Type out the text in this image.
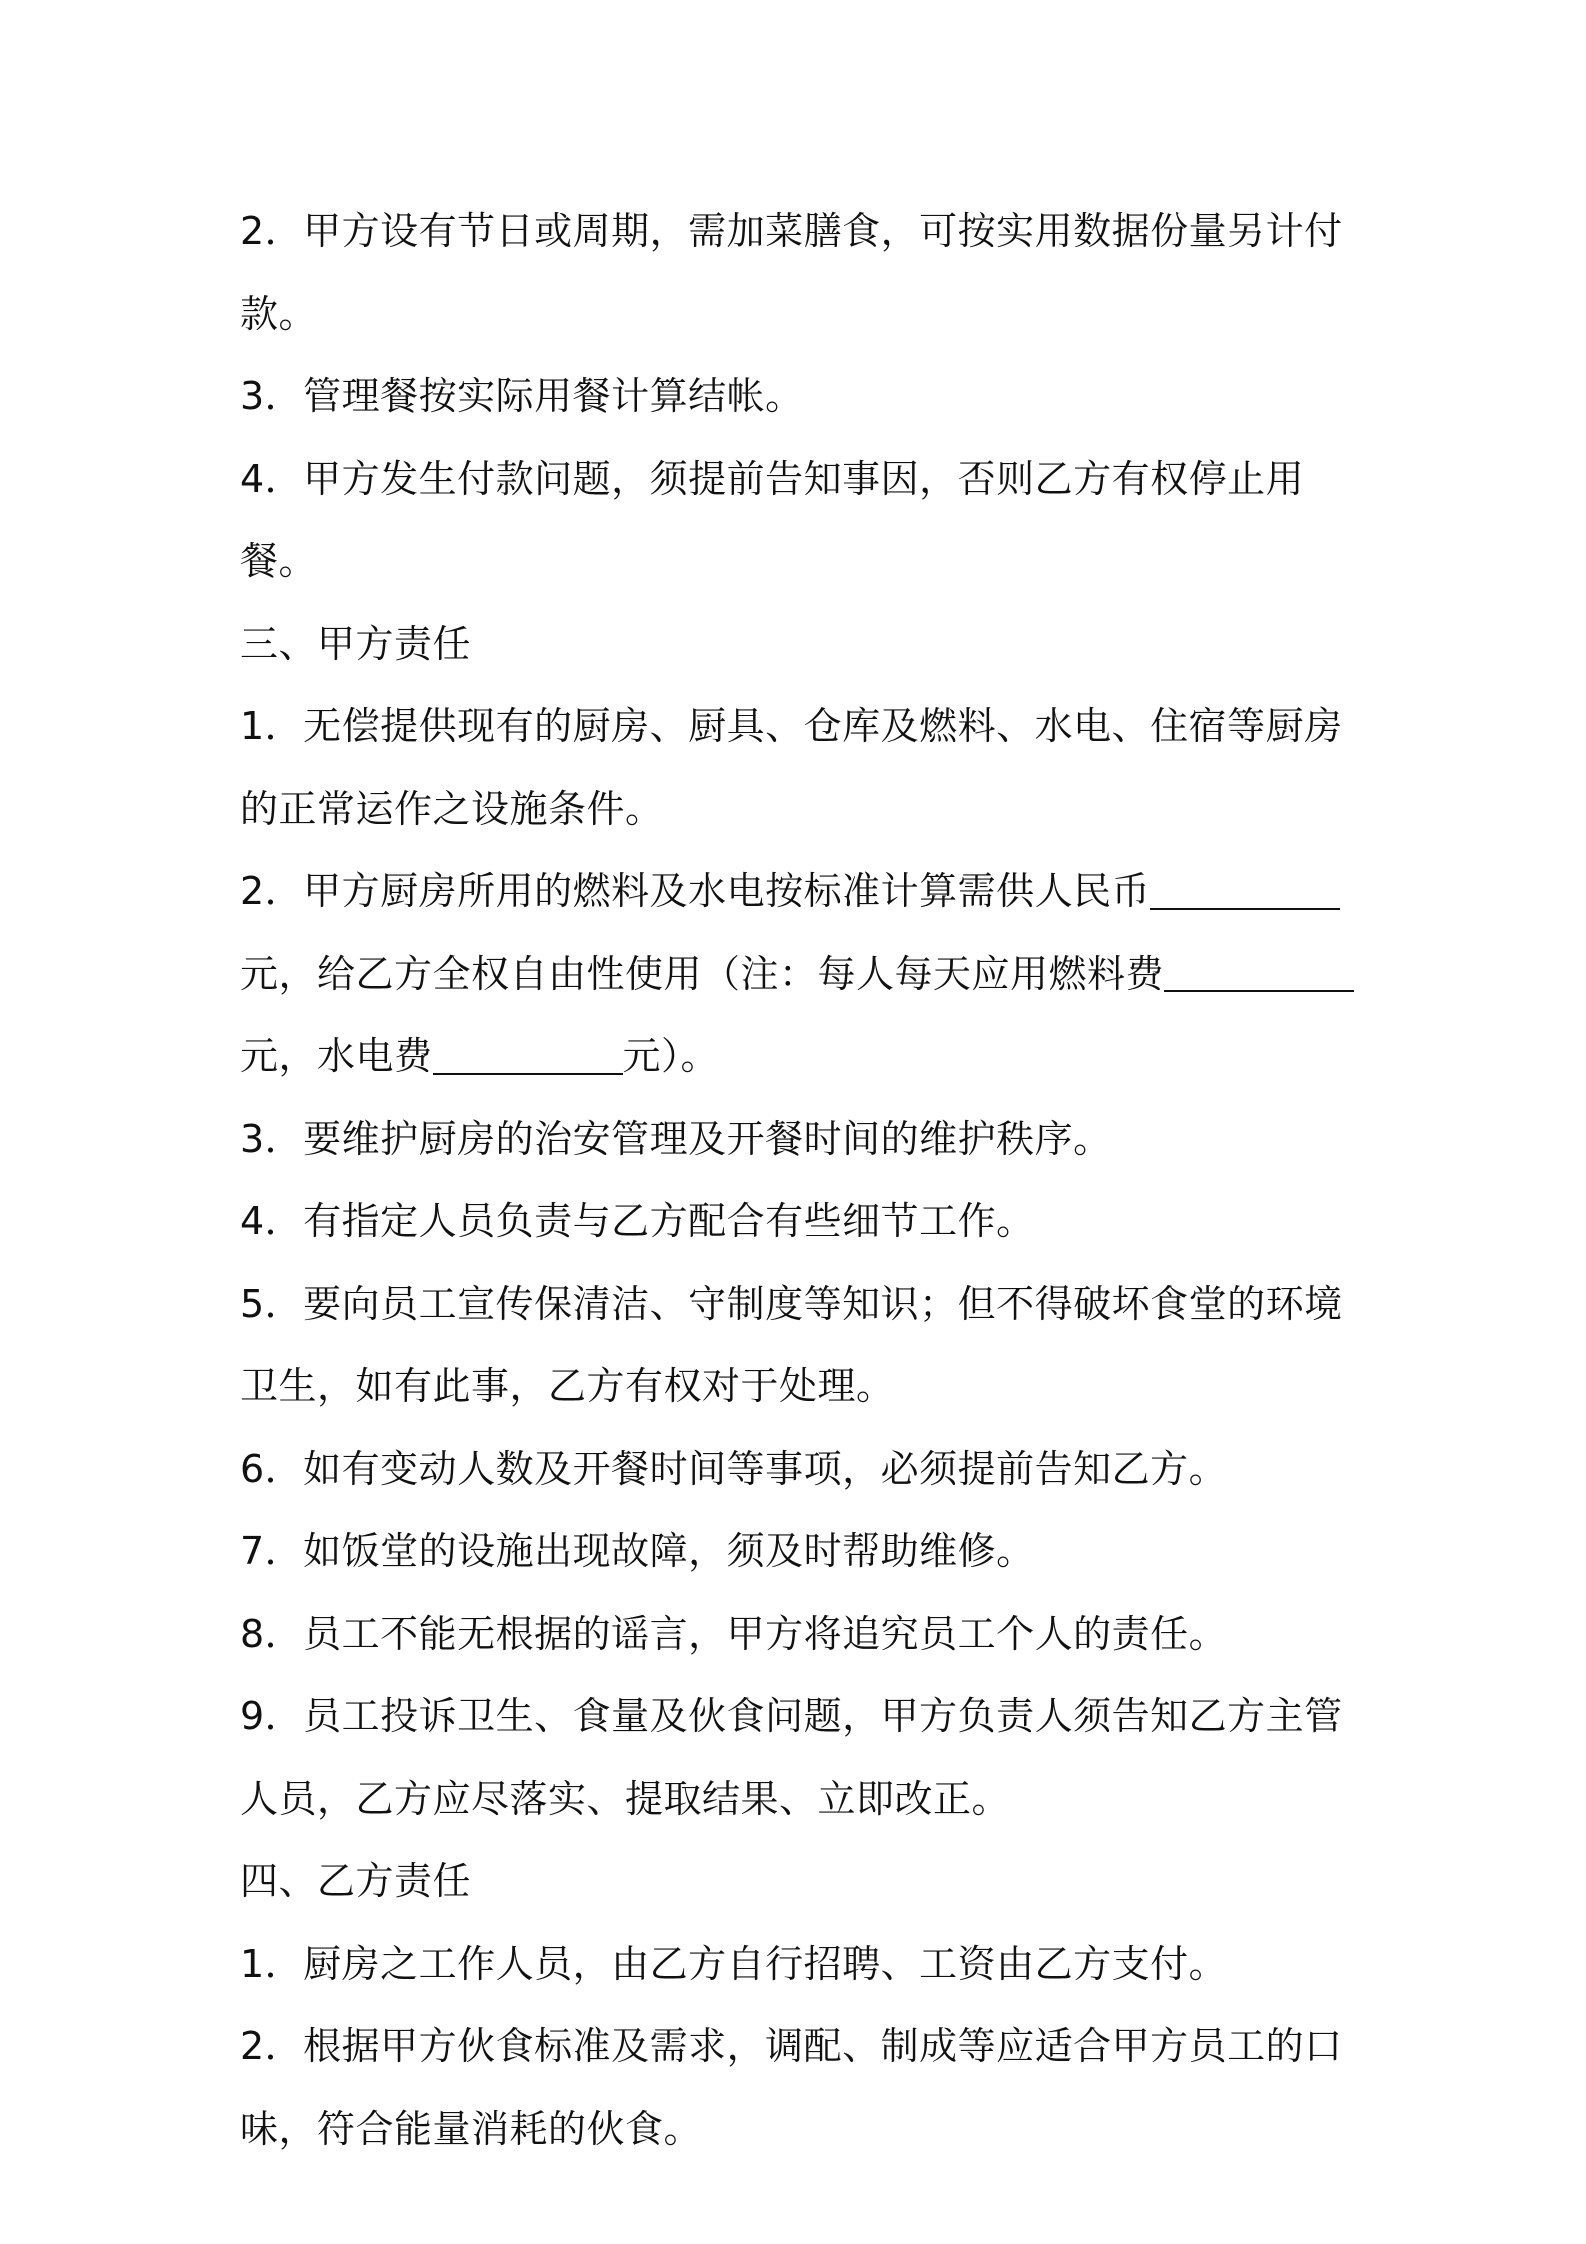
2．甲方设有节日或周期，需加菜膳食，可按实用数据份量另计付款。

3．管理餐按实际用餐计算结帐。

4．甲方发生付款问题，须提前告知事因，否则乙方有权停止用餐。

三、甲方责任

1．无偿提供现有的厨房、厨具、仓库及燃料、水电、住宿等厨房的正常运作之设施条件。

2．甲方厨房所用的燃料及水电按标准计算需供人民币元，给乙方全权自由性使用（注：每人每天应用燃料费元，水电费	元）。

3．要维护厨房的治安管理及开餐时间的维护秩序。

4．有指定人员负责与乙方配合有些细节工作。

5．要向员工宣传保清洁、守制度等知识；但不得破坏食堂的环境卫生，如有此事，乙方有权对于处理。

6．如有变动人数及开餐时间等事项，必须提前告知乙方。

7．如饭堂的设施出现故障，须及时帮助维修。

8．员工不能无根据的谣言，甲方将追究员工个人的责任。

9．员工投诉卫生、食量及伙食问题，甲方负责人须告知乙方主管人员，乙方应尽落实、提取结果、立即改正。

四、乙方责任

1．厨房之工作人员，由乙方自行招聘、工资由乙方支付。

2．根据甲方伙食标准及需求，调配、制成等应适合甲方员工的口味，符合能量消耗的伙食。
